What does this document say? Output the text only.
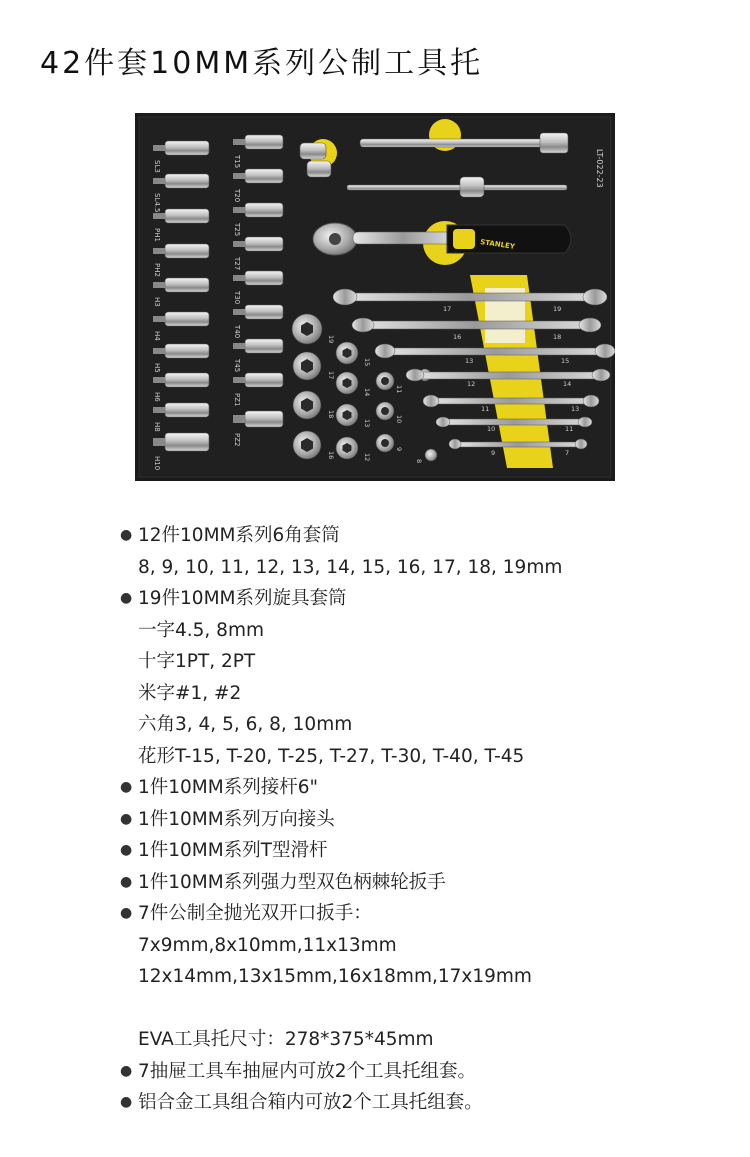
42件套10MM系列公制工具托
SL3
SL4.5
PH1
PH2
H3
H4
H5
H6
H8
H10
T15
T20
T25
T27
T30
T40
T45
PZ1
PZ2
STANLEY
LT-022-23
19
17
18
16
15
14
13
12
11
10
9
8
17
16
13
12
11
10
9
19
18
15
14
13
11
7
● 12件10MM系列6角套筒
8, 9, 10, 11, 12, 13, 14, 15, 16, 17, 18, 19mm
● 19件10MM系列旋具套筒
一字4.5, 8mm
十字1PT, 2PT
米字#1, #2
六角3, 4, 5, 6, 8, 10mm
花形T-15, T-20, T-25, T-27, T-30, T-40, T-45
● 1件10MM系列接杆6"
● 1件10MM系列万向接头
● 1件10MM系列T型滑杆
● 1件10MM系列强力型双色柄棘轮扳手
● 7件公制全抛光双开口扳手：
7x9mm,8x10mm,11x13mm
12x14mm,13x15mm,16x18mm,17x19mm
EVA工具托尺寸：278*375*45mm
● 7抽屉工具车抽屉内可放2个工具托组套。
● 铝合金工具组合箱内可放2个工具托组套。
